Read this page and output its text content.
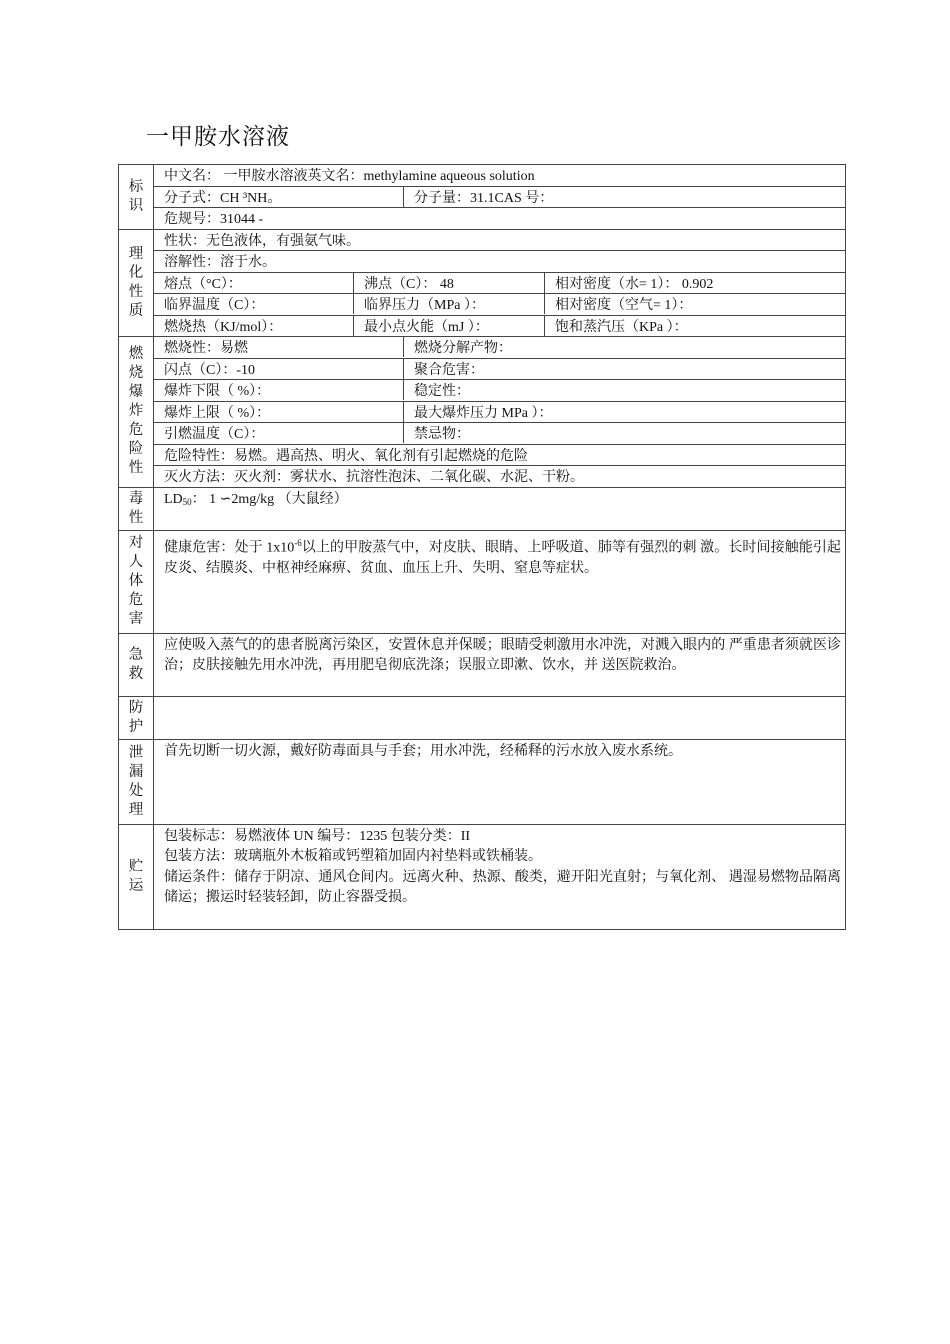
一甲胺水溶液
标识
中文名： 一甲胺水溶液英文名：methylamine aqueous solution
分子式：CH ³NH。	分子量：31.1CAS 号：
危规号：31044 -
理化性质
性状：无色液体，有强氨气味。
溶解性：溶于水。
熔点（°C）：	沸点（C）： 48	相对密度（水= 1）： 0.902
临界温度（C）：	临界压力（MPa ）：	相对密度（空气= 1）：
燃烧热（KJ/mol）：	最小点火能（mJ ）：	饱和蒸汽压（KPa ）：
燃烧爆炸危险性
燃烧性：易燃	燃烧分解产物：
闪点（C）：-10	聚合危害：
爆炸下限（ %）：	稳定性：
爆炸上限（ %）：	最大爆炸压力 MPa ）：
引燃温度（C）：	禁忌物：
危险特性：易燃。遇高热、明火、氧化剂有引起燃烧的危险
灭火方法：灭火剂：雾状水、抗溶性泡沫、二氧化碳、水泥、干粉。
毒性
$LD_{50}$： 1 ∽2mg/kg （大鼠经）
对人体危害
健康危害：处于 $1x10^{-6}$以上的甲胺蒸气中，对皮肤、眼睛、上呼吸道、肺等有强烈的刺 激。长时间接触能引起皮炎、结膜炎、中枢神经麻痹、贫血、血压上升、失明、窒息等症状。
急救
应使吸入蒸气的的患者脱离污染区，安置休息并保暖；眼睛受刺激用水冲洗，对溅入眼内的 严重患者须就医诊治；皮肤接触先用水冲洗，再用肥皂彻底洗涤；误服立即漱、饮水，并 送医院救治。
防护
泄漏处理
首先切断一切火源，戴好防毒面具与手套；用水冲洗，经稀释的污水放入废水系统。
贮运

包装标志：易燃液体 UN 编号：1235 包装分类：II

包装方法：玻璃瓶外木板箱或钙塑箱加固内衬垫料或铁桶装。

储运条件：储存于阴凉、通风仓间内。远离火种、热源、酸类，避开阳光直射；与氧化剂、 遇湿易燃物品隔离储运；搬运时轻装轻卸，防止容器受损。
